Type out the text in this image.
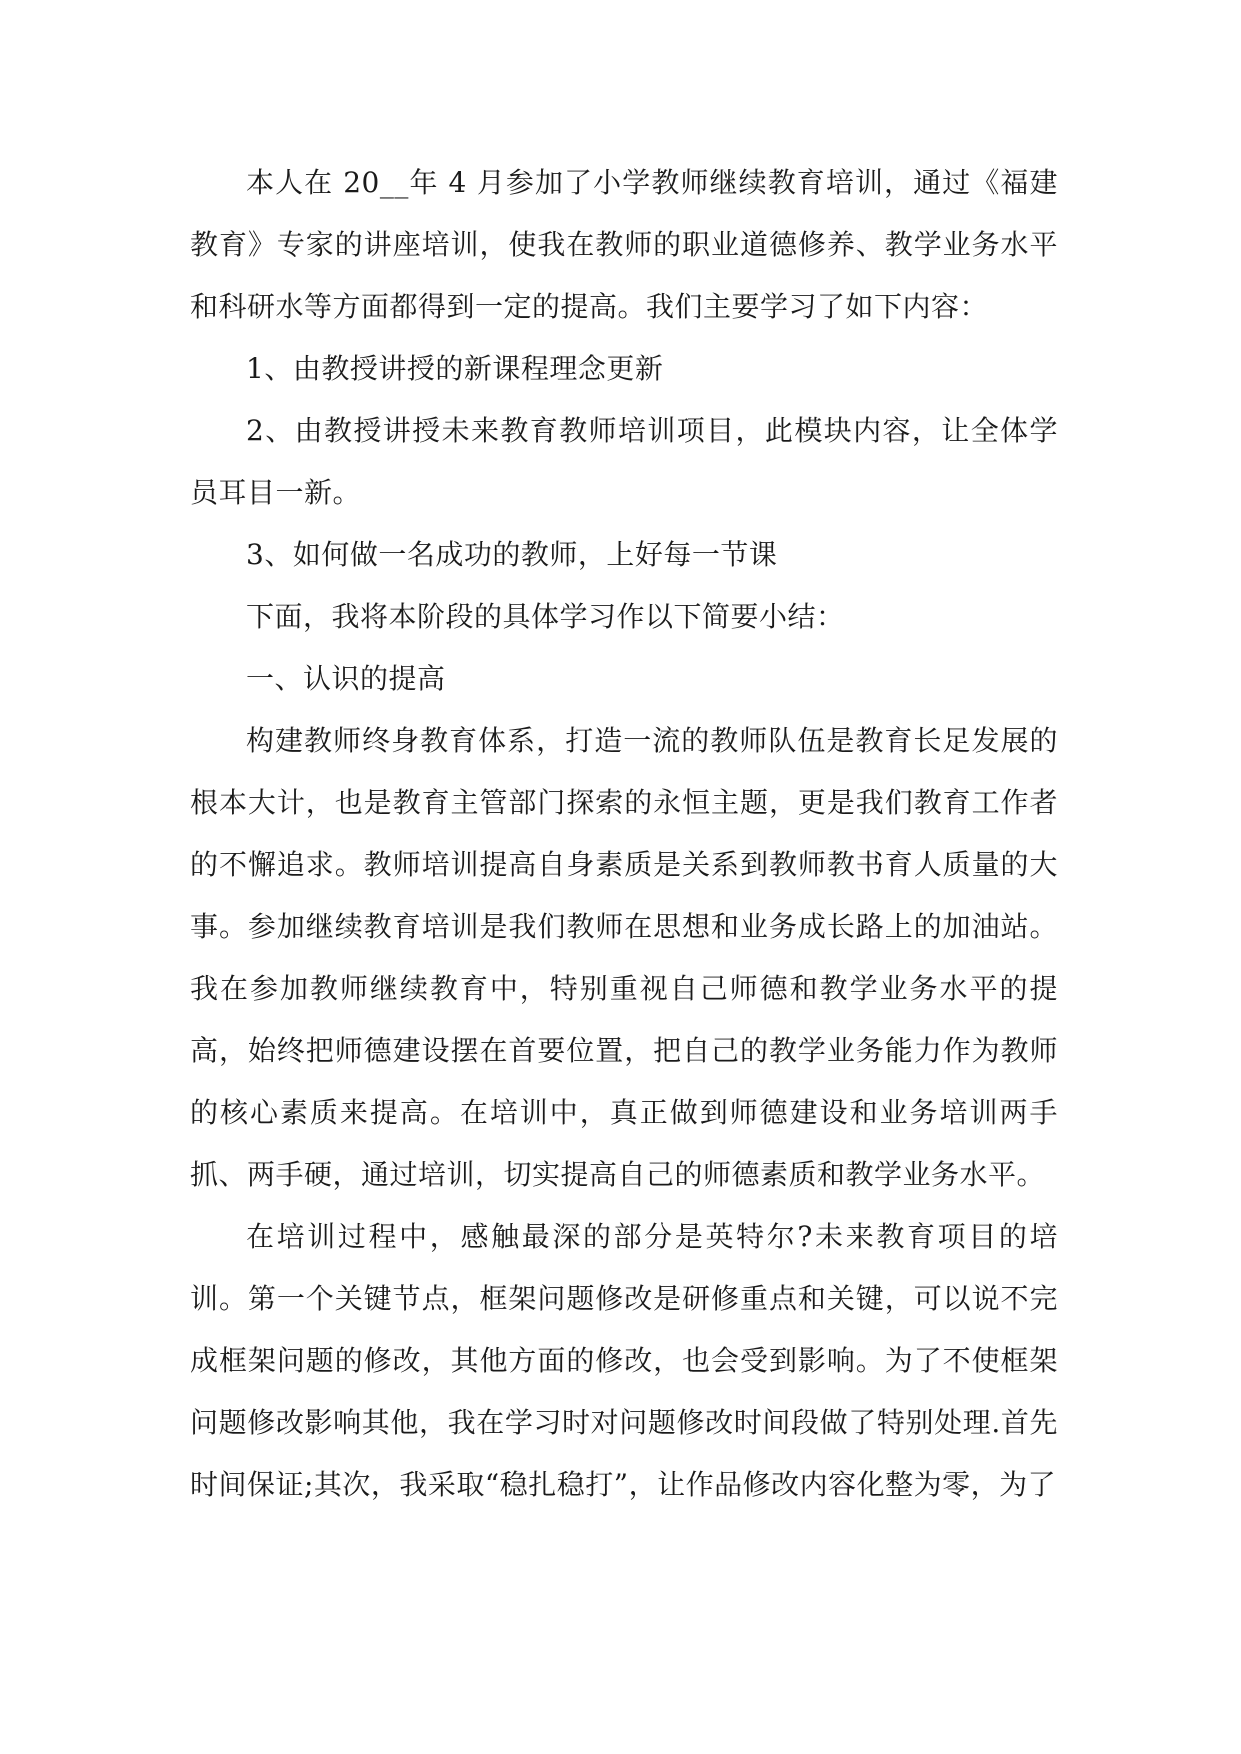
本人在 20__年 4 月参加了小学教师继续教育培训，通过《福建教育》专家的讲座培训，使我在教师的职业道德修养、教学业务水平和科研水等方面都得到一定的提高。我们主要学习了如下内容：

1、由教授讲授的新课程理念更新

2、由教授讲授未来教育教师培训项目，此模块内容，让全体学员耳目一新。

3、如何做一名成功的教师，上好每一节课

下面，我将本阶段的具体学习作以下简要小结：

一、认识的提高

构建教师终身教育体系，打造一流的教师队伍是教育长足发展的根本大计，也是教育主管部门探索的永恒主题，更是我们教育工作者的不懈追求。教师培训提高自身素质是关系到教师教书育人质量的大事。参加继续教育培训是我们教师在思想和业务成长路上的加油站。我在参加教师继续教育中，特别重视自己师德和教学业务水平的提高，始终把师德建设摆在首要位置，把自己的教学业务能力作为教师的核心素质来提高。在培训中，真正做到师德建设和业务培训两手抓、两手硬，通过培训，切实提高自己的师德素质和教学业务水平。

在培训过程中，感触最深的部分是英特尔?未来教育项目的培训。第一个关键节点，框架问题修改是研修重点和关键，可以说不完成框架问题的修改，其他方面的修改，也会受到影响。为了不使框架问题修改影响其他，我在学习时对问题修改时间段做了特别处理.首先时间保证;其次，我采取“稳扎稳打”，让作品修改内容化整为零，为了
